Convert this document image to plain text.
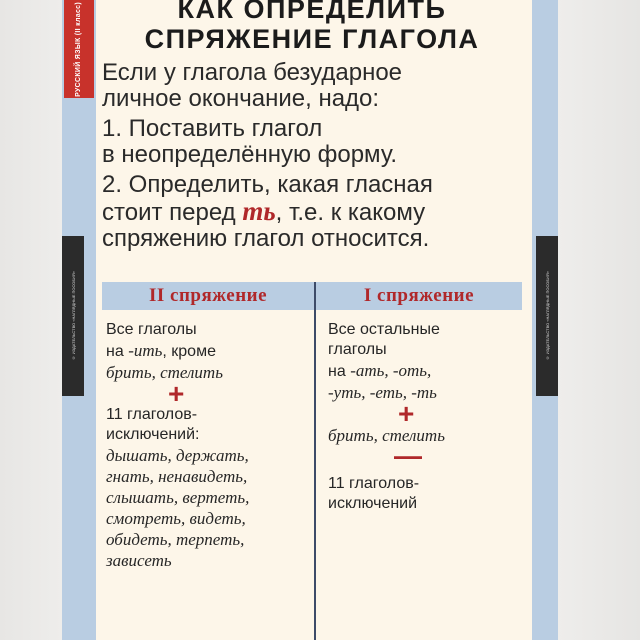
РУССКИЙ ЯЗЫК (II класс)
© ИЗДАТЕЛЬСТВО «НАГЛЯДНЫЕ ПОСОБИЯ»	© ИЗДАТЕЛЬСТВО «НАГЛЯДНЫЕ ПОСОБИЯ»
КАК ОПРЕДЕЛИТЬ
СПРЯЖЕНИЕ ГЛАГОЛА

Если у глагола безударное

личное окончание, надо:

1. Поставить глагол

в неопределённую форму.

2. Определить, какая гласная

стоит перед ть, т.е. к какому

спряжению глагол относится.

II спряжение	I спряжение
Все глаголы
на -ить, кроме
брить, стелить
+
11 глаголов-
исключений:
дышать, держать,
гнать, ненавидеть,
слышать, вертеть,
смотреть, видеть,
обидеть, терпеть,
зависеть
Все остальные
глаголы
на -ать, -оть,
-уть, -еть, -ть
+
брить, стелить
—
11 глаголов-
исключений
